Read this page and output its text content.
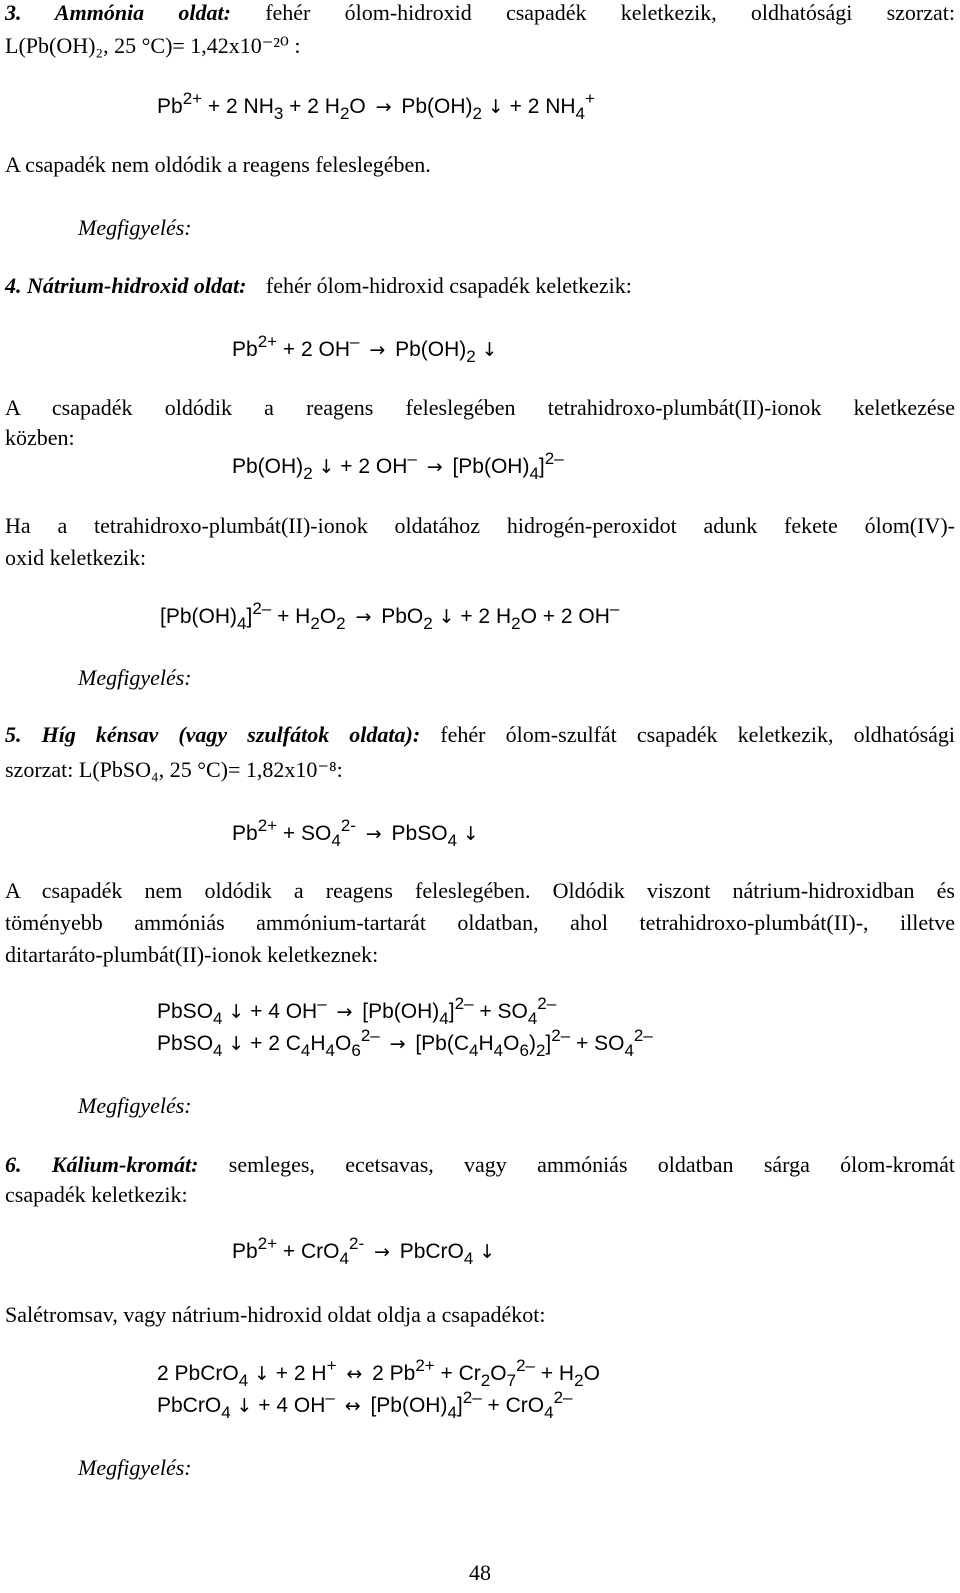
3. Ammónia oldat: fehér ólom-hidroxid csapadék keletkezik, oldhatósági szorzat:
L(Pb(OH)₂, 25 °C)= 1,42x10⁻²⁰ :
$Pb^{2+} + 2$ $NH_3 + 2$ $H_2O \to Pb(OH)_2$ ↓ + 2 $NH_4^+$
A csapadék nem oldódik a reagens feleslegében.
Megfigyelés:
4. Nátrium-hidroxid oldat: fehér ólom-hidroxid csapadék keletkezik:
$Pb^{2+} + 2$ $OH^- \to Pb(OH)_2$ ↓
A csapadék oldódik a reagens feleslegében tetrahidroxo-plumbát(II)-ionok keletkezése
közben:
$Pb(OH)_2$ ↓ + 2 $OH^- \to [Pb(OH)_4]^{2-}$
Ha a tetrahidroxo-plumbát(II)-ionok oldatához hidrogén-peroxidot adunk fekete ólom(IV)-
oxid keletkezik:
$[Pb(OH)_4]^{2-} + H_2O_2 \to PbO_2$ ↓ + 2 $H_2O + 2$ OH–
Megfigyelés:
5. Híg kénsav (vagy szulfátok oldata): fehér ólom-szulfát csapadék keletkezik, oldhatósági
szorzat: L(PbSO₄, 25 °C)= 1,82x10⁻⁸:
$Pb^{2+} + SO_4^{2-}$ → PbSO$_4$ ↓
A csapadék nem oldódik a reagens feleslegében. Oldódik viszont nátrium-hidroxidban és
töményebb ammóniás ammónium-tartarát oldatban, ahol tetrahidroxo-plumbát(II)-, illetve
ditartaráto-plumbát(II)-ionok keletkeznek:
PbSO$_4$ ↓ + 4 $OH^- \to [Pb(OH)_4]^{2-} + SO_4^{2-}$
PbSO$_4$ ↓ + 2 $C_4H_4O_6^{2-} \to [Pb(C_4H_4O_6)_2]^{2-} + SO_4^{2-}$
Megfigyelés:
6. Kálium-kromát: semleges, ecetsavas, vagy ammóniás oldatban sárga ólom-kromát
csapadék keletkezik:
$Pb^{2+} + CrO_4^{2-}$ → PbCrO$_4$ ↓
Salétromsav, vagy nátrium-hidroxid oldat oldja a csapadékot:
2 PbCrO$_4$ ↓ + 2 H+ ↔ 2 $Pb^{2+} + Cr_2O_7^{2-} + H_2O$
PbCrO$_4$ ↓ + 4 OH– ↔ $[Pb(OH)_4]^{2-} + CrO_4^{2-}$
Megfigyelés:
48
